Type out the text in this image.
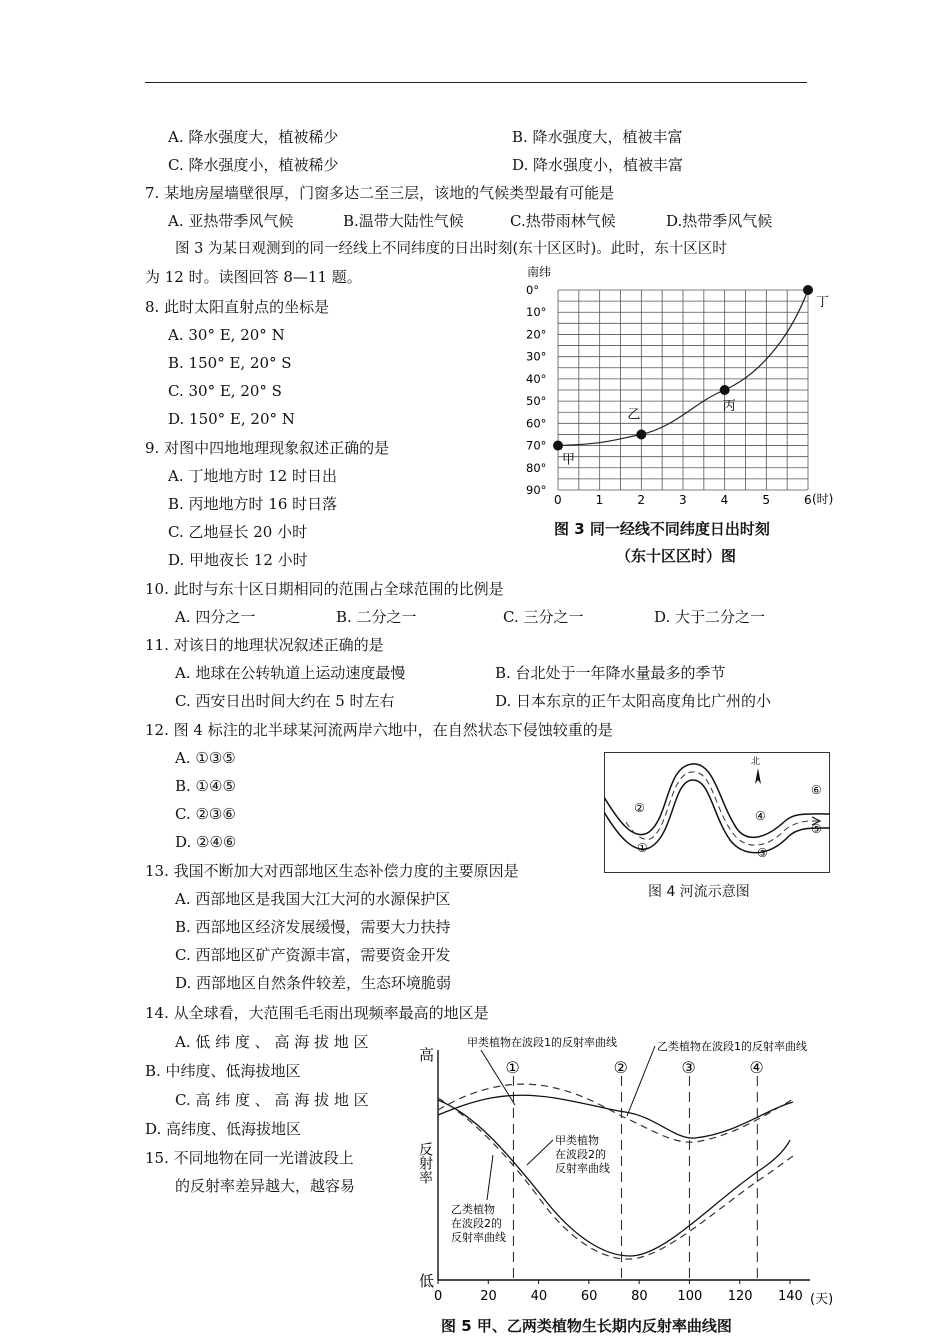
A. 降水强度大，植被稀少	B. 降水强度大，植被丰富
C. 降水强度小，植被稀少	D. 降水强度小，植被丰富
7. 某地房屋墙壁很厚，门窗多达二至三层，该地的气候类型最有可能是
A. 亚热带季风气候	B.温带大陆性气候	C.热带雨林气候	D.热带季风气候
图 3 为某日观测到的同一经线上不同纬度的日出时刻(东十区区时)。此时，东十区区时
为 12 时。读图回答 8—11 题。
8. 此时太阳直射点的坐标是
A. 30° E, 20° N
B. 150° E, 20° S
C. 30° E, 20° S
D. 150° E, 20° N
9. 对图中四地地理现象叙述正确的是
A. 丁地地方时 12 时日出
B. 丙地地方时 16 时日落
C. 乙地昼长 20 小时
D. 甲地夜长 12 小时
10. 此时与东十区日期相同的范围占全球范围的比例是
A. 四分之一	B. 二分之一	C. 三分之一	D. 大于二分之一
11. 对该日的地理状况叙述正确的是
A. 地球在公转轨道上运动速度最慢	B. 台北处于一年降水量最多的季节
C. 西安日出时间大约在 5 时左右	D. 日本东京的正午太阳高度角比广州的小
12. 图 4 标注的北半球某河流两岸六地中，在自然状态下侵蚀较重的是
A. ①③⑤
B. ①④⑤
C. ②③⑥
D. ②④⑥
13. 我国不断加大对西部地区生态补偿力度的主要原因是
A. 西部地区是我国大江大河的水源保护区
B. 西部地区经济发展缓慢，需要大力扶持
C. 西部地区矿产资源丰富，需要资金开发
D. 西部地区自然条件较差，生态环境脆弱
14. 从全球看，大范围毛毛雨出现频率最高的地区是
A. 低 纬 度 、 高 海 拔 地 区
B. 中纬度、低海拔地区
C. 高 纬 度 、 高 海 拔 地 区
D. 高纬度、低海拔地区
15. 不同地物在同一光谱波段上
的反射率差异越大，越容易
南纬
0°
10°
20°
30°
40°
50°
60°
70°
80°
90°
0	1	2	3	4	5	6 (时)
甲
乙
丙
丁
图 3 同一经线不同纬度日出时刻
（东十区区时）图
北
①
②
③
④
⑤
⑥
图 4 河流示意图
高
低
反射率
0	20	40	60	80 100 120 140 (天)
①	②	③	④
甲类植物在波段1的反射率曲线	乙类植物在波段1的反射率曲线
甲类植物
在波段2的
反射率曲线
乙类植物
在波段2的
反射率曲线
图 5 甲、乙两类植物生长期内反射率曲线图
